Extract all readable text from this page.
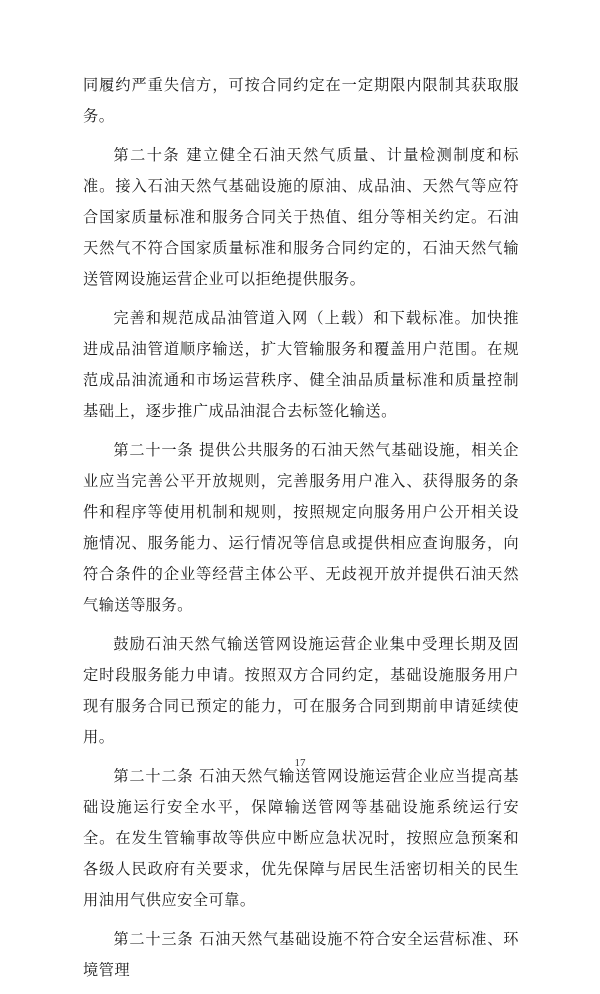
同履约严重失信方，可按合同约定在一定期限内限制其获取服务。

第二十条 建立健全石油天然气质量、计量检测制度和标准。接入石油天然气基础设施的原油、成品油、天然气等应符合国家质量标准和服务合同关于热值、组分等相关约定。石油天然气不符合国家质量标准和服务合同约定的，石油天然气输送管网设施运营企业可以拒绝提供服务。

完善和规范成品油管道入网（上载）和下载标准。加快推进成品油管道顺序输送，扩大管输服务和覆盖用户范围。在规范成品油流通和市场运营秩序、健全油品质量标准和质量控制基础上，逐步推广成品油混合去标签化输送。

第二十一条 提供公共服务的石油天然气基础设施，相关企业应当完善公平开放规则，完善服务用户准入、获得服务的条件和程序等使用机制和规则，按照规定向服务用户公开相关设施情况、服务能力、运行情况等信息或提供相应查询服务，向符合条件的企业等经营主体公平、无歧视开放并提供石油天然气输送等服务。

鼓励石油天然气输送管网设施运营企业集中受理长期及固定时段服务能力申请。按照双方合同约定，基础设施服务用户现有服务合同已预定的能力，可在服务合同到期前申请延续使用。

第二十二条 石油天然气输送管网设施运营企业应当提高基础设施运行安全水平，保障输送管网等基础设施系统运行安全。在发生管输事故等供应中断应急状况时，按照应急预案和各级人民政府有关要求，优先保障与居民生活密切相关的民生用油用气供应安全可靠。

第二十三条 石油天然气基础设施不符合安全运营标准、环境管理

17
